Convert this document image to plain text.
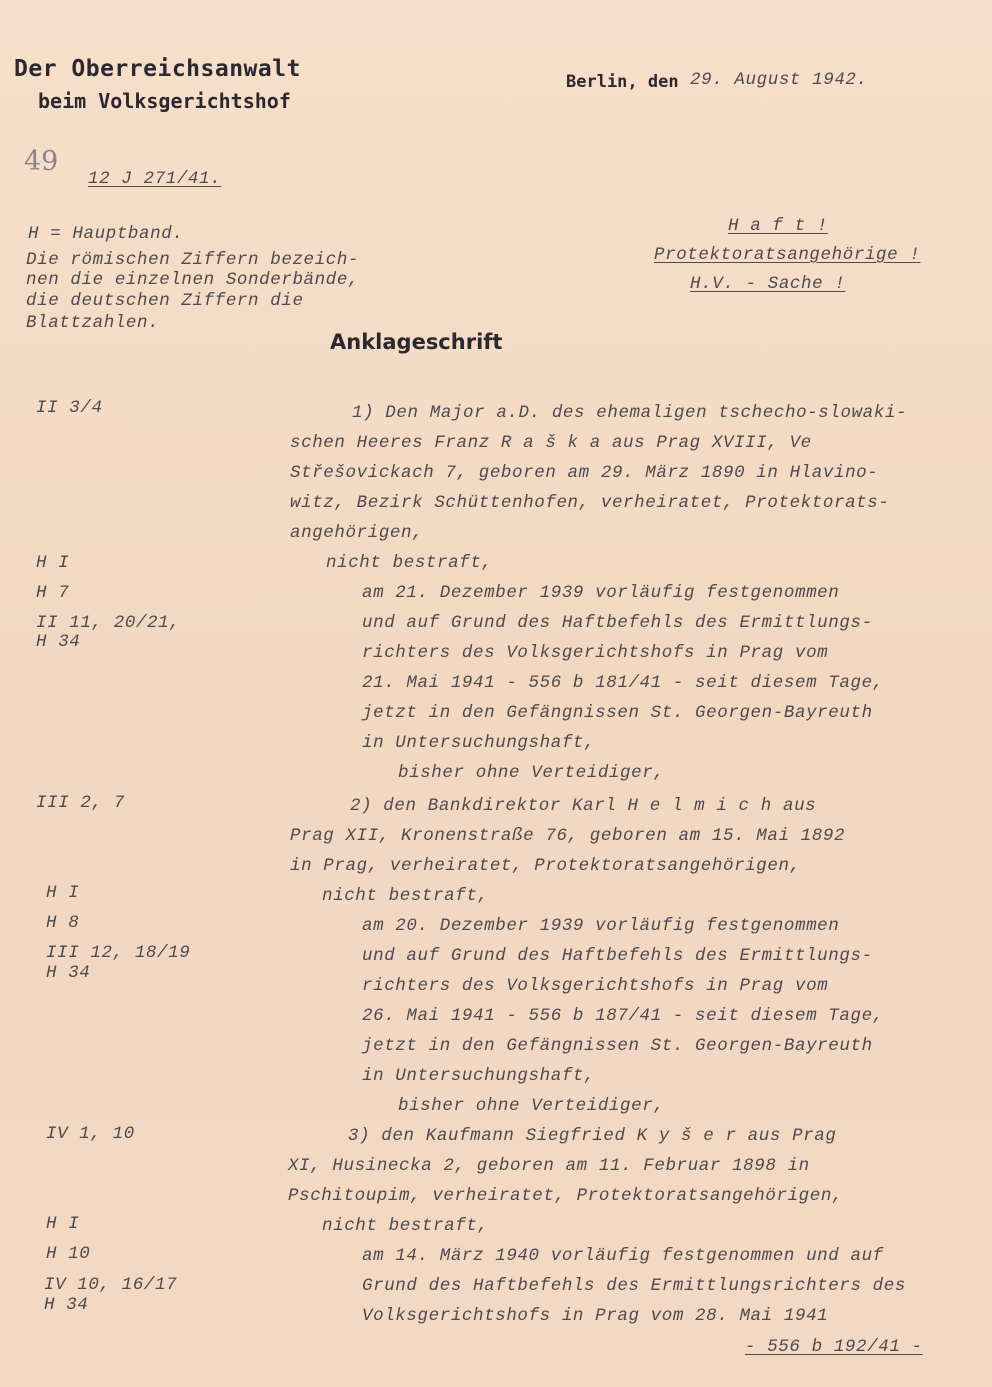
Der Oberreichsanwalt
beim Volksgerichtshof
Berlin, den 29. August 1942.
49
12 J 271/41.
H = Hauptband.
Die römischen Ziffern bezeich-
nen die einzelnen Sonderbände,
die deutschen Ziffern die
Blattzahlen.
H a f t !
Protektoratsangehörige !
H.V. - Sache !
Anklageschrift
II 3/4
H I
H 7
II 11, 20/21,
H 34
III 2, 7
H I
H 8
III 12, 18/19
H 34
IV 1, 10
H I
H 10
IV 10, 16/17
H 34
1) Den Major a.D. des ehemaligen tschecho-slowaki-
schen Heeres Franz R a š k a aus Prag XVIII, Ve
Střešovickach 7, geboren am 29. März 1890 in Hlavino-
witz, Bezirk Schüttenhofen, verheiratet, Protektorats-
angehörigen,
nicht bestraft,
am 21. Dezember 1939 vorläufig festgenommen
und auf Grund des Haftbefehls des Ermittlungs-
richters des Volksgerichtshofs in Prag vom
21. Mai 1941 - 556 b 181/41 - seit diesem Tage,
jetzt in den Gefängnissen St. Georgen-Bayreuth
in Untersuchungshaft,
bisher ohne Verteidiger,
2) den Bankdirektor Karl H e l m i c h aus
Prag XII, Kronenstraße 76, geboren am 15. Mai 1892
in Prag, verheiratet, Protektoratsangehörigen,
nicht bestraft,
am 20. Dezember 1939 vorläufig festgenommen
und auf Grund des Haftbefehls des Ermittlungs-
richters des Volksgerichtshofs in Prag vom
26. Mai 1941 - 556 b 187/41 - seit diesem Tage,
jetzt in den Gefängnissen St. Georgen-Bayreuth
in Untersuchungshaft,
bisher ohne Verteidiger,
3) den Kaufmann Siegfried K y š e r aus Prag
XI, Husinecka 2, geboren am 11. Februar 1898 in
Pschitoupim, verheiratet, Protektoratsangehörigen,
nicht bestraft,
am 14. März 1940 vorläufig festgenommen und auf
Grund des Haftbefehls des Ermittlungsrichters des
Volksgerichtshofs in Prag vom 28. Mai 1941
- 556 b 192/41 -
